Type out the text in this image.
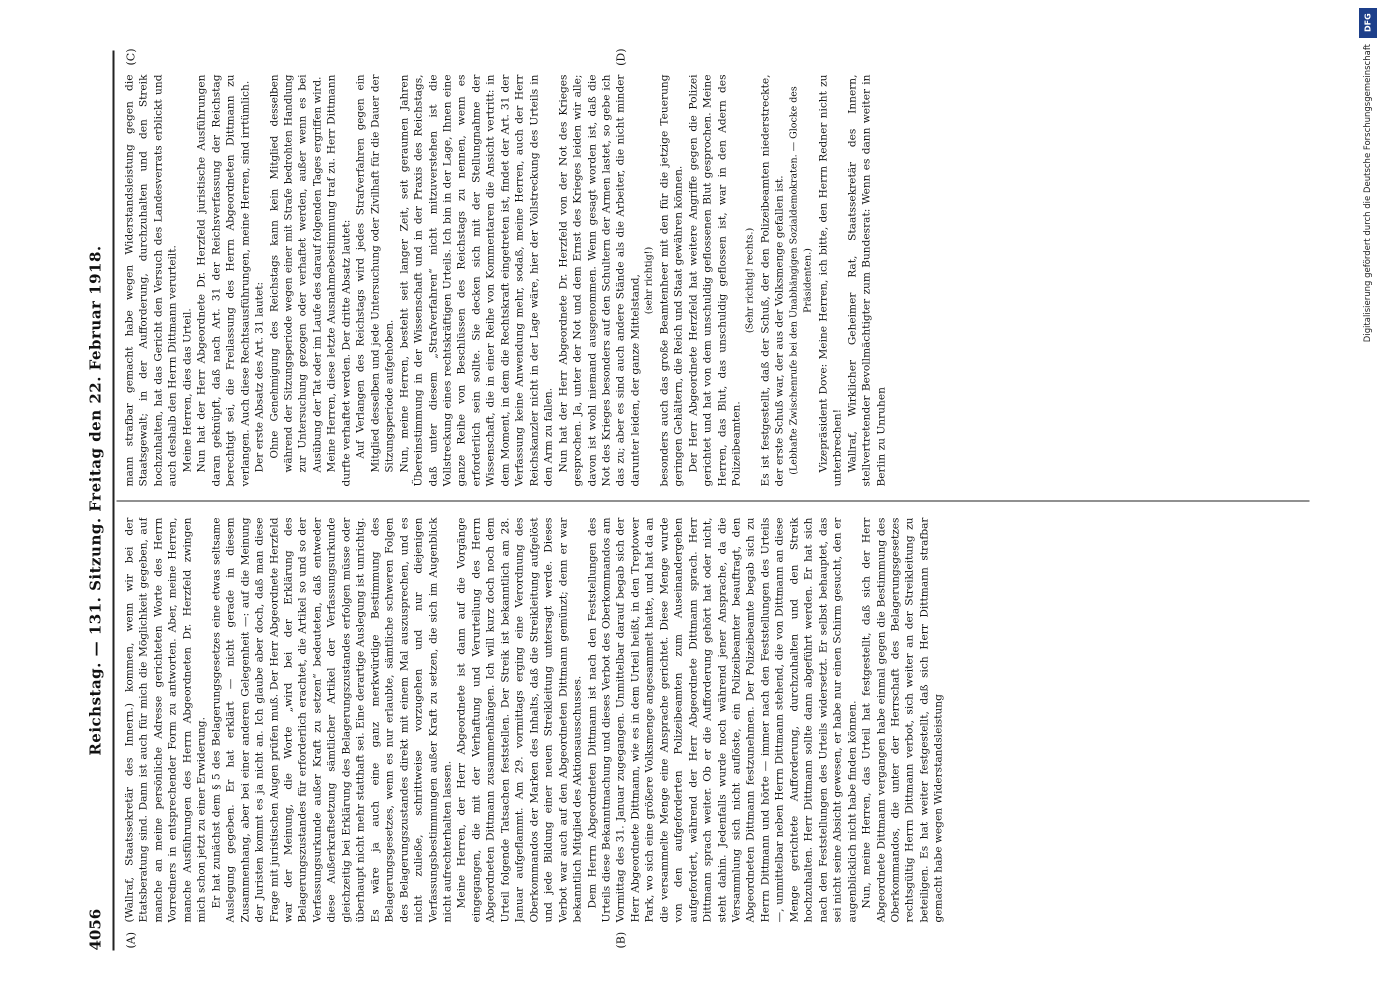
4056
Reichstag. — 131. Sitzung. Freitag den 22. Februar 1918.
(A)	(B)
(C)	(D)

(Wallraf, Staatssekretär des Innern.) kommen, wenn wir bei der Etatsberatung sind. Dann ist auch für mich die Möglichkeit gegeben, auf manche an meine persönliche Adresse gerichteten Worte des Herrn Vorredners in entsprechender Form zu antworten. Aber, meine Herren, manche Ausführungen des Herrn Abgeordneten Dr. Herzfeld zwingen mich schon jetzt zu einer Erwiderung. Er hat zunächst dem § 5 des Belagerungsgesetzes eine etwas seltsame Auslegung gegeben. Er hat erklärt — nicht gerade in diesem Zusammenhang, aber bei einer anderen Gelegenheit —: auf die Meinung der Juristen kommt es ja nicht an. Ich glaube aber doch, daß man diese Frage mit juristischen Augen prüfen muß. Der Herr Abgeordnete Herzfeld war der Meinung, die Worte „wird bei der Erklärung des Belagerungszustandes für erforderlich erachtet, die Artikel so und so der Verfassungsurkunde außer Kraft zu setzen“ bedeuteten, daß entweder diese Außerkraftsetzung sämtlicher Artikel der Verfassungsurkunde gleichzeitig bei Erklärung des Belagerungszustandes erfolgen müsse oder überhaupt nicht mehr statthaft sei. Eine derartige Auslegung ist unrichtig. Es wäre ja auch eine ganz merkwürdige Bestimmung des Belagerungsgesetzes, wenn es nur erlaubte, sämtliche schweren Folgen des Belagerungszustandes direkt mit einem Mal auszusprechen, und es nicht zuließe, schrittweise vorzugehen und nur diejenigen Verfassungsbestimmungen außer Kraft zu setzen, die sich im Augenblick nicht aufrechterhalten lassen. Meine Herren, der Herr Abgeordnete ist dann auf die Vorgänge eingegangen, die mit der Verhaftung und Verurteilung des Herrn Abgeordneten Dittmann zusammenhängen. Ich will kurz doch noch dem Urteil folgende Tatsachen feststellen. Der Streik ist bekanntlich am 28. Januar aufgeflammt. Am 29. vormittags erging eine Verordnung des Oberkommandos der Marken des Inhalts, daß die Streikleitung aufgelöst und jede Bildung einer neuen Streikleitung untersagt werde. Dieses Verbot war auch auf den Abgeordneten Dittmann gemünzt; denn er war bekanntlich Mitglied des Aktionsausschusses. Dem Herrn Abgeordneten Dittmann ist nach den Feststellungen des Urteils diese Bekanntmachung und dieses Verbot des Oberkommandos am Vormittag des 31. Januar zugegangen. Unmittelbar darauf begab sich der Herr Abgeordnete Dittmann, wie es in dem Urteil heißt, in den Treptower Park, wo sich eine größere Volksmenge angesammelt hatte, und hat da an die versammelte Menge eine Ansprache gerichtet. Diese Menge wurde von den aufgeforderten Polizeibeamten zum Auseinandergehen aufgefordert, während der Herr Abgeordnete Dittmann sprach. Herr Dittmann sprach weiter. Ob er die Aufforderung gehört hat oder nicht, steht dahin. Jedenfalls wurde noch während jener Ansprache, da die Versammlung sich nicht auflöste, ein Polizeibeamter beauftragt, den Abgeordneten Dittmann festzunehmen. Der Polizeibeamte begab sich zu Herrn Dittmann und hörte — immer nach den Feststellungen des Urteils —, unmittelbar neben Herrn Dittmann stehend, die von Dittmann an diese Menge gerichtete Aufforderung, durchzuhalten und den Streik hochzuhalten. Herr Dittmann sollte dann abgeführt werden. Er hat sich nach den Feststellungen des Urteils widersetzt. Er selbst behauptet, das sei nicht seine Absicht gewesen, er habe nur einen Schirm gesucht, den er augenblicklich nicht habe finden können. Nun, meine Herren, das Urteil hat festgestellt, daß sich der Herr Abgeordnete Dittmann vergangen habe einmal gegen die Bestimmung des Oberkommandos, die unter der Herrschaft des Belagerungsgesetzes rechtsgültig Herrn Dittmann verbot, sich weiter an der Streikleitung zu beteiligen. Es hat weiter festgestellt, daß sich Herr Dittmann strafbar gemacht habe wegen Widerstandsleistung

mann strafbar gemacht habe wegen Widerstandsleistung gegen die Staatsgewalt; in der Aufforderung, durchzuhalten und den Streik hochzuhalten, hat das Gericht den Versuch des Landesverrats erblickt und auch deshalb den Herrn Dittmann verurteilt. Meine Herren, dies das Urteil. Nun hat der Herr Abgeordnete Dr. Herzfeld juristische Ausführungen daran geknüpft, daß nach Art. 31 der Reichsverfassung der Reichstag berechtigt sei, die Freilassung des Herrn Abgeordneten Dittmann zu verlangen. Auch diese Rechtsausführungen, meine Herren, sind irrtümlich. Der erste Absatz des Art. 31 lautet: Ohne Genehmigung des Reichstags kann kein Mitglied desselben während der Sitzungsperiode wegen einer mit Strafe bedrohten Handlung zur Untersuchung gezogen oder verhaftet werden, außer wenn es bei Ausübung der Tat oder im Laufe des darauf folgenden Tages ergriffen wird. Meine Herren, diese letzte Ausnahmebestimmung traf zu. Herr Dittmann durfte verhaftet werden. Der dritte Absatz lautet: Auf Verlangen des Reichstags wird jedes Strafverfahren gegen ein Mitglied desselben und jede Untersuchung oder Zivilhaft für die Dauer der Sitzungsperiode aufgehoben. Nun, meine Herren, besteht seit langer Zeit, seit geraumen Jahren Übereinstimmung in der Wissenschaft und in der Praxis des Reichstags, daß unter diesem „Strafverfahren“ nicht mitzuverstehen ist die Vollstreckung eines rechtskräftigen Urteils. Ich bin in der Lage, Ihnen eine ganze Reihe von Beschlüssen des Reichstags zu nennen, wenn es erforderlich sein sollte. Sie decken sich mit der Stellungnahme der Wissenschaft, die in einer Reihe von Kommentaren die Ansicht vertritt: in dem Moment, in dem die Rechtskraft eingetreten ist, findet der Art. 31 der Verfassung keine Anwendung mehr, sodaß, meine Herren, auch der Herr Reichskanzler nicht in der Lage wäre, hier der Vollstreckung des Urteils in den Arm zu fallen. Nun hat der Herr Abgeordnete Dr. Herzfeld von der Not des Krieges gesprochen. Ja, unter der Not und dem Ernst des Krieges leiden wir alle; davon ist wohl niemand ausgenommen. Wenn gesagt worden ist, daß die Not des Krieges besonders auf den Schultern der Armen lastet, so gebe ich das zu; aber es sind auch andere Stände als die Arbeiter, die nicht minder darunter leiden, der ganze Mittelstand, (sehr richtig!) besonders auch das große Beamtenheer mit den für die jetzige Teuerung geringen Gehältern, die Reich und Staat gewähren können. Der Herr Abgeordnete Herzfeld hat weitere Angriffe gegen die Polizei gerichtet und hat von dem unschuldig geflossenen Blut gesprochen. Meine Herren, das Blut, das unschuldig geflossen ist, war in den Adern des Polizeibeamten.

(Sehr richtig! rechts.) Es ist festgestellt, daß der Schuß, der den Polizeibeamten niederstreckte, der erste Schuß war, der aus der Volksmenge gefallen ist. (Lebhafte Zwischenrufe bei den Unabhängigen Sozialdemokraten. — Glocke des Präsidenten.) Vizepräsident Dove: Meine Herren, ich bitte, den Herrn Redner nicht zu unterbrechen! Wallraf, Wirklicher Geheimer Rat, Staatssekretär des Innern, stellvertretender Bevollmächtigter zum Bundesrat: Wenn es dann weiter in Berlin zu Unruhen

DFG
Digitalisierung gefördert durch die Deutsche Forschungsgemeinschaft
